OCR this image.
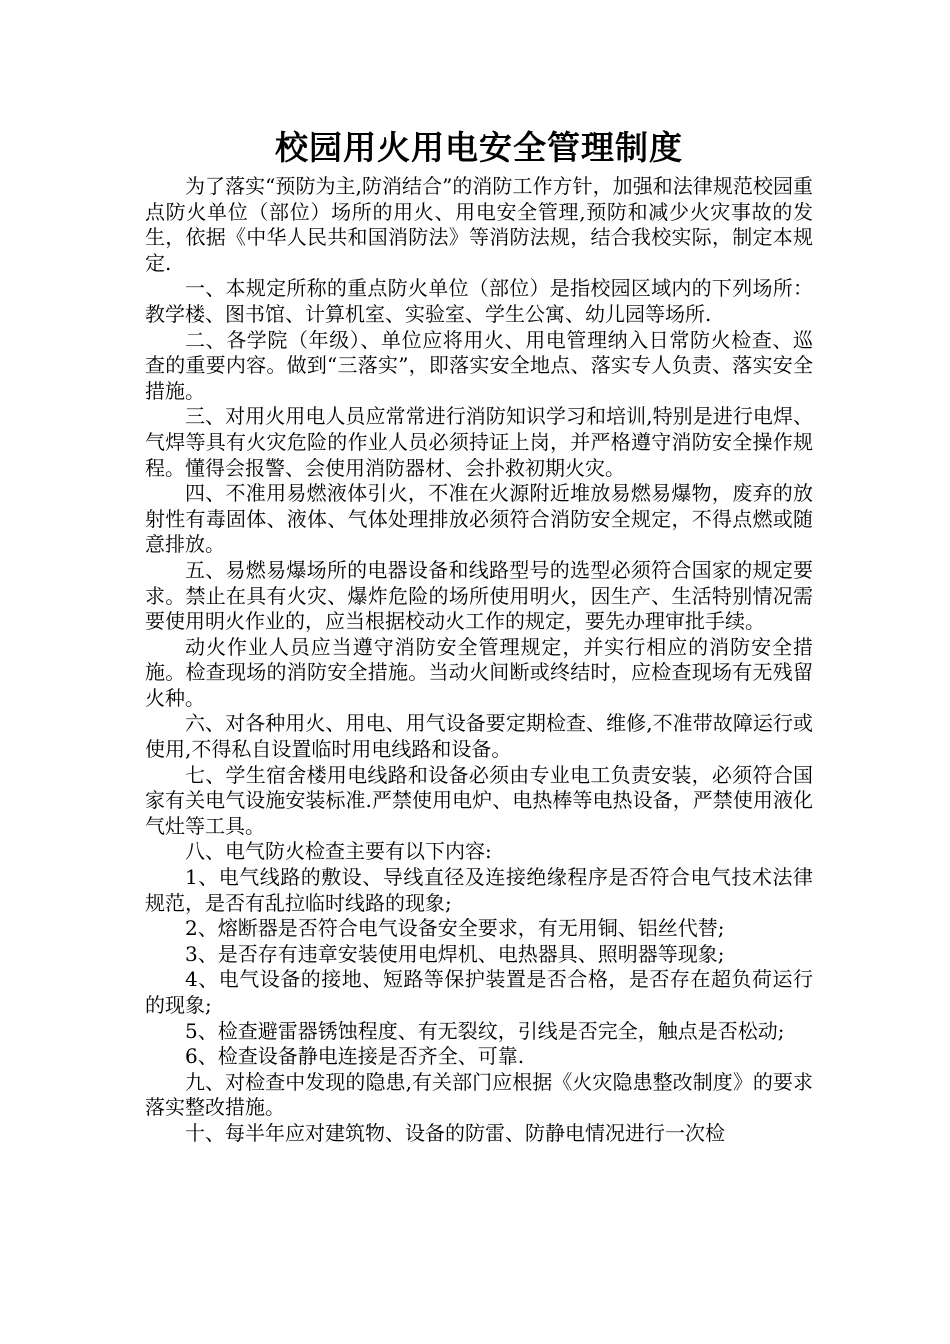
校园用火用电安全管理制度

为了落实“预防为主,防消结合”的消防工作方针，加强和法律规范校园重点防火单位（部位）场所的用火、用电安全管理,预防和减少火灾事故的发生，依据《中华人民共和国消防法》等消防法规，结合我校实际，制定本规定.

一、本规定所称的重点防火单位（部位）是指校园区域内的下列场所：教学楼、图书馆、计算机室、实验室、学生公寓、幼儿园等场所.

二、各学院（年级）、单位应将用火、用电管理纳入日常防火检查、巡查的重要内容。做到“三落实”，即落实安全地点、落实专人负责、落实安全措施。

三、对用火用电人员应常常进行消防知识学习和培训,特别是进行电焊、气焊等具有火灾危险的作业人员必须持证上岗，并严格遵守消防安全操作规程。懂得会报警、会使用消防器材、会扑救初期火灾。

四、不准用易燃液体引火，不准在火源附近堆放易燃易爆物，废弃的放射性有毒固体、液体、气体处理排放必须符合消防安全规定，不得点燃或随意排放。

五、易燃易爆场所的电器设备和线路型号的选型必须符合国家的规定要求。禁止在具有火灾、爆炸危险的场所使用明火，因生产、生活特别情况需要使用明火作业的，应当根据校动火工作的规定，要先办理审批手续。

动火作业人员应当遵守消防安全管理规定，并实行相应的消防安全措施。检查现场的消防安全措施。当动火间断或终结时，应检查现场有无残留火种。

六、对各种用火、用电、用气设备要定期检查、维修,不准带故障运行或使用,不得私自设置临时用电线路和设备。

七、学生宿舍楼用电线路和设备必须由专业电工负责安装，必须符合国家有关电气设施安装标准.严禁使用电炉、电热棒等电热设备，严禁使用液化气灶等工具。

八、电气防火检查主要有以下内容:

1、电气线路的敷设、导线直径及连接绝缘程序是否符合电气技术法律规范，是否有乱拉临时线路的现象;

2、熔断器是否符合电气设备安全要求，有无用铜、铝丝代替;

3、是否存有违章安装使用电焊机、电热器具、照明器等现象;

4、电气设备的接地、短路等保护装置是否合格，是否存在超负荷运行的现象;

5、检查避雷器锈蚀程度、有无裂纹，引线是否完全，触点是否松动;

6、检查设备静电连接是否齐全、可靠.

九、对检查中发现的隐患,有关部门应根据《火灾隐患整改制度》的要求落实整改措施。

十、每半年应对建筑物、设备的防雷、防静电情况进行一次检
